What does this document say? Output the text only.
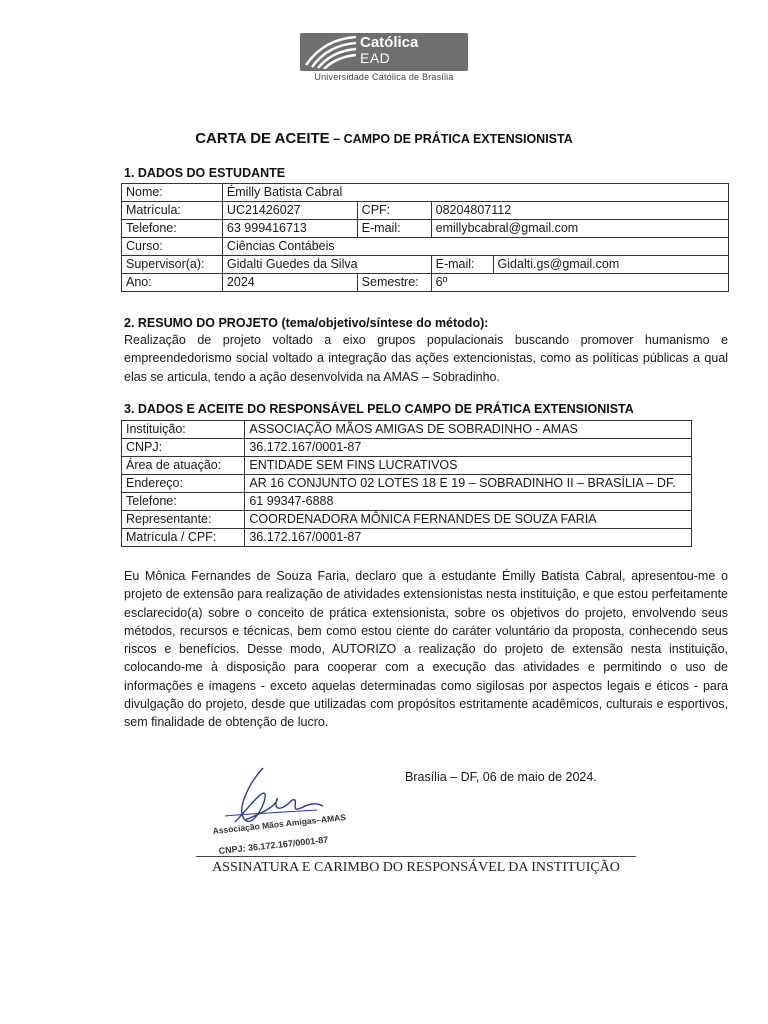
Católica
EAD
Universidade Católica de Brasília
CARTA DE ACEITE – CAMPO DE PRÁTICA EXTENSIONISTA
1. DADOS DO ESTUDANTE
Nome:	Émilly Batista Cabral			
Matrícula:	UC21426027	CPF:	08204807112	
Telefone:	63 999416713	E-mail:	emillybcabral@gmail.com	
Curso:	Ciências Contábeis			
Supervisor(a):	Gidalti Guedes da Silva		E-mail:	Gidalti.gs@gmail.com
Ano:	2024	Semestre:	6º	
2. RESUMO DO PROJETO (tema/objetivo/síntese do método):

Realização de projeto voltado a eixo grupos populacionais buscando promover humanismo e empreendedorismo social voltado a integração das ações extencionistas, como as políticas públicas a qual elas se articula, tendo a ação desenvolvida na AMAS – Sobradinho.

3. DADOS E ACEITE DO RESPONSÁVEL PELO CAMPO DE PRÁTICA EXTENSIONISTA
Instituição:	ASSOCIAÇÃO MÃOS AMIGAS DE SOBRADINHO - AMAS
CNPJ:	36.172.167/0001-87
Área de atuação:	ENTIDADE SEM FINS LUCRATIVOS
Endereço:	AR 16 CONJUNTO 02 LOTES 18 E 19 – SOBRADINHO II – BRASÍLIA – DF.
Telefone:	61 99347-6888
Representante:	COORDENADORA MÔNICA FERNANDES DE SOUZA FARIA
Matrícula / CPF:	36.172.167/0001-87

Eu Mônica Fernandes de Souza Faria, declaro que a estudante Émilly Batista Cabral, apresentou-me o projeto de extensão para realização de atividades extensionistas nesta instituição, e que estou perfeitamente esclarecido(a) sobre o conceito de prática extensionista, sobre os objetivos do projeto, envolvendo seus métodos, recursos e técnicas, bem como estou ciente do caráter voluntário da proposta, conhecendo seus riscos e benefícios. Desse modo, AUTORIZO a realização do projeto de extensão nesta instituição, colocando-me à disposição para cooperar com a execução das atividades e permitindo o uso de informações e imagens - exceto aquelas determinadas como sigilosas por aspectos legais e éticos - para divulgação do projeto, desde que utilizadas com propósitos estritamente acadêmicos, culturais e esportivos, sem finalidade de obtenção de lucro.

Brasília – DF, 06 de maio de 2024.
Associação Mãos Amigas–AMAS
CNPJ: 36.172.167/0001-87
ASSINATURA E CARIMBO DO RESPONSÁVEL DA INSTITUIÇÃO
